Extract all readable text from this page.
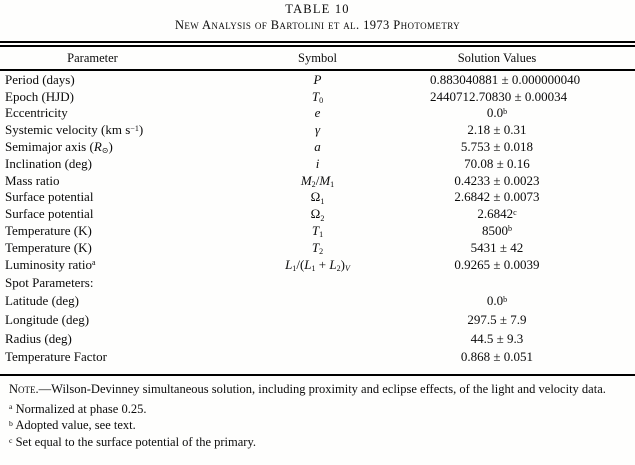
TABLE 10
New Analysis of Bartolini et al. 1973 Photometry
Parameter	Symbol	Solution Values
Period (days)	P	0.883040881 ± 0.000000040
Epoch (HJD)	$T_0$	2440712.70830 ± 0.00034
Eccentricity	e	0.0$^b$
Systemic velocity (km $s^{-1}$)	γ	2.18 ± 0.31
Semimajor axis $(R_⊙)$	a	5.753 ± 0.018
Inclination (deg)	i	70.08 ± 0.16
Mass ratio	$M_2/M_1$	0.4233 ± 0.0023
Surface potential	$\Omega_1$	2.6842 ± 0.0073
Surface potential	$\Omega_2$	2.6842$^c$
Temperature (K)	$T_1$	8500$^b$
Temperature (K)	$T_2$	5431 ± 42
Luminosity ratio$^a$	$L_1/(L_1 + L_2)_V$	0.9265 ± 0.0039
Spot Parameters:		
Latitude (deg)		0.0$^b$
Longitude (deg)		297.5 ± 7.9
Radius (deg)		44.5 ± 9.3
Temperature Factor		0.868 ± 0.051

Note.—Wilson-Devinney simultaneous solution, including proximity and eclipse effects, of the light and velocity data.

$^a$ Normalized at phase 0.25.
$^b$ Adopted value, see text.
$^c$ Set equal to the surface potential of the primary.
